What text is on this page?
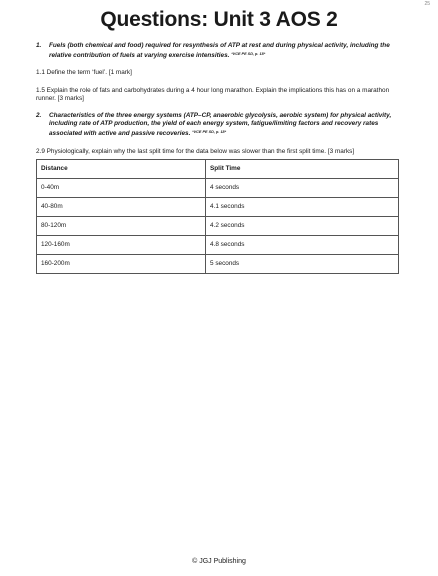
25
Questions: Unit 3 AOS 2
1. Fuels (both chemical and food) required for resynthesis of ATP at rest and during physical activity, including the relative contribution of fuels at varying exercise intensities. $^{*VCE PE SD, p. 18*}$
1.1 Define the term ‘fuel’. [1 mark]
1.5 Explain the role of fats and carbohydrates during a 4 hour long marathon. Explain the implications this has on a marathon runner. [3 marks]
2. Characteristics of the three energy systems (ATP–CP, anaerobic glycolysis, aerobic system) for physical activity, including rate of ATP production, the yield of each energy system, fatigue/limiting factors and recovery rates associated with active and passive recoveries. $^{*VCE PE SD, p. 18*}$
2.9 Physiologically, explain why the last split time for the data below was slower than the first split time. [3 marks]
Distance	Split Time
0-40m	4 seconds
40-80m	4.1 seconds
80-120m	4.2 seconds
120-160m	4.8 seconds
160-200m	5 seconds
© JGJ Publishing
